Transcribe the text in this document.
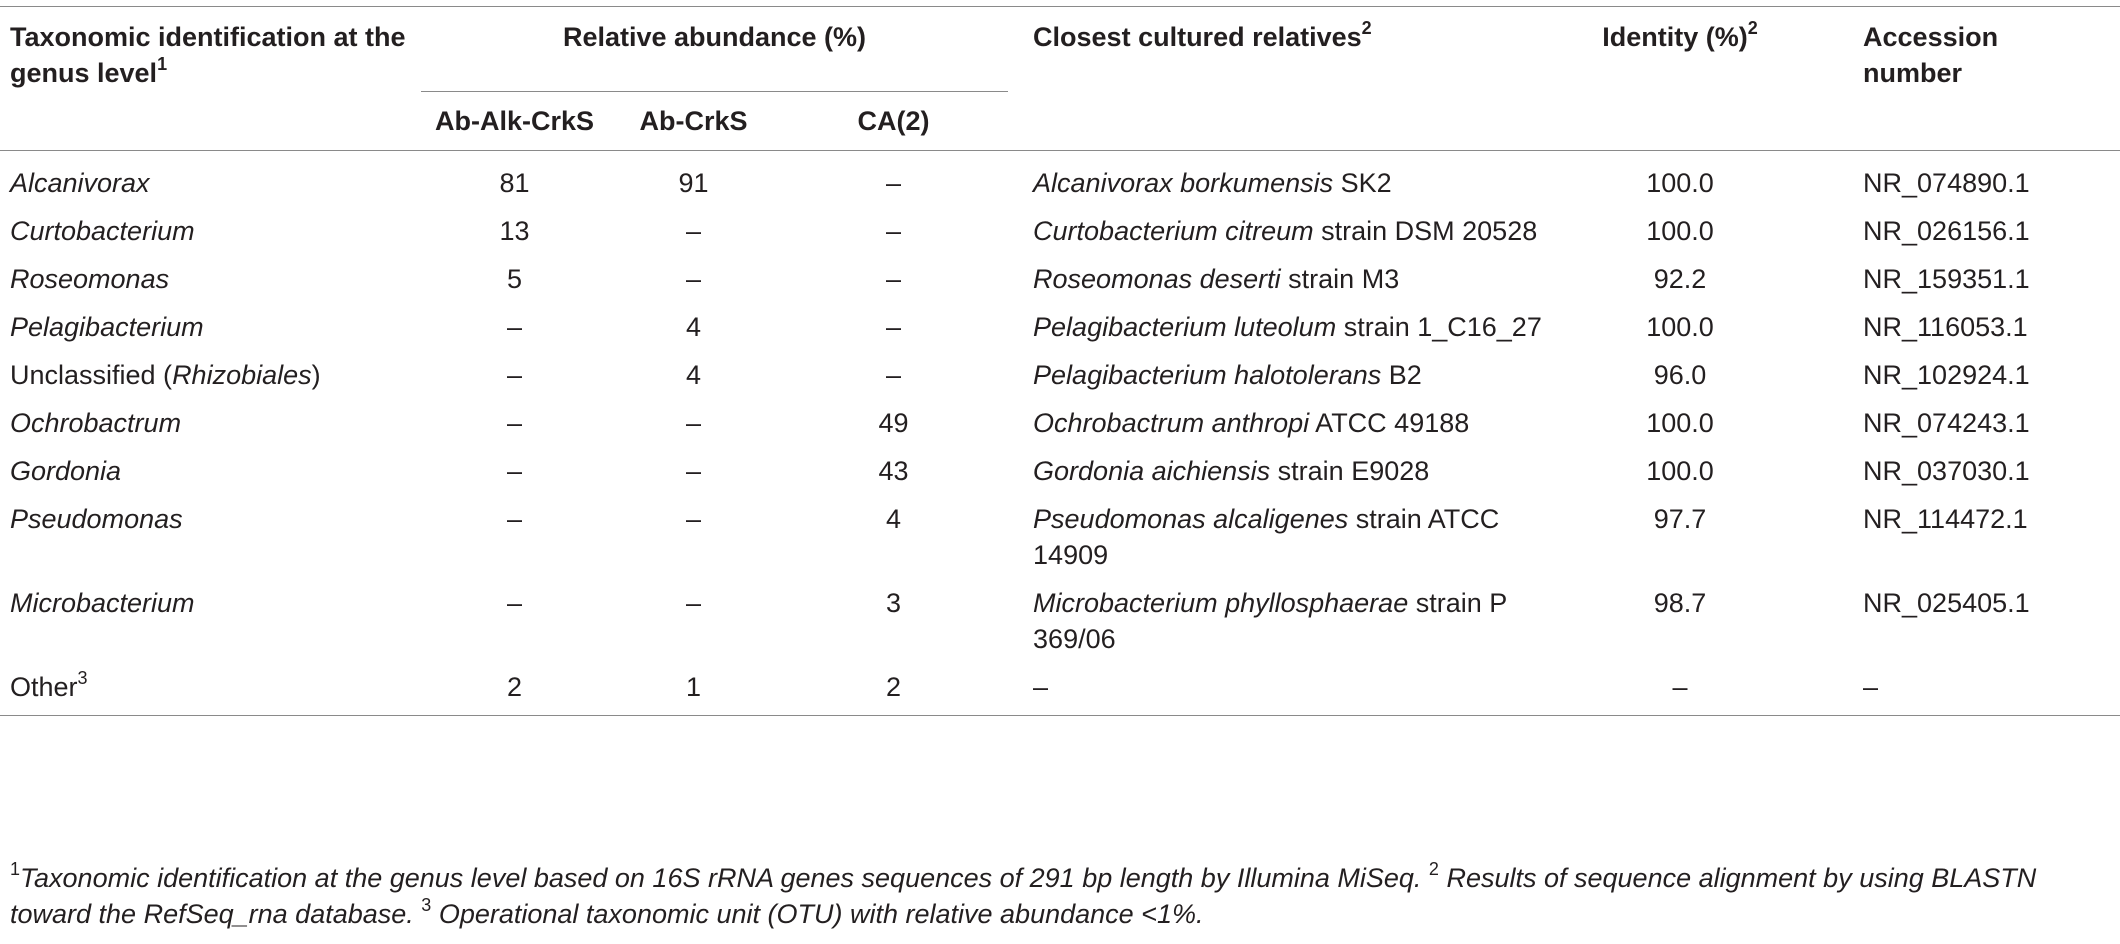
Taxonomic identification at the genus level$^1$	Relative abundance (%)			Closest cultured relatives$^2$	Identity (%)$^2$	Accession number
	Ab-Alk-CrkS	Ab-CrkS	CA(2)			
Alcanivorax	81	91	–	Alcanivorax borkumensis SK2	100.0	NR_074890.1
Curtobacterium	13	–	–	Curtobacterium citreum strain DSM 20528	100.0	NR_026156.1
Roseomonas	5	–	–	Roseomonas deserti strain M3	92.2	NR_159351.1
Pelagibacterium	–	4	–	Pelagibacterium luteolum strain 1_C16_27	100.0	NR_116053.1
Unclassified (Rhizobiales)	–	4	–	Pelagibacterium halotolerans B2	96.0	NR_102924.1
Ochrobactrum	–	–	49	Ochrobactrum anthropi ATCC 49188	100.0	NR_074243.1
Gordonia	–	–	43	Gordonia aichiensis strain E9028	100.0	NR_037030.1
Pseudomonas	–	–	4	Pseudomonas alcaligenes strain ATCC 14909	97.7	NR_114472.1
Microbacterium	–	–	3	Microbacterium phyllosphaerae strain P 369/06	98.7	NR_025405.1
Other$^3$	2	1	2	–	–	–
$^1$Taxonomic identification at the genus level based on 16S rRNA genes sequences of 291 bp length by Illumina MiSeq. $^2$ Results of sequence alignment by using BLASTN toward the RefSeq_rna database. $^3$ Operational taxonomic unit (OTU) with relative abundance <1%.
